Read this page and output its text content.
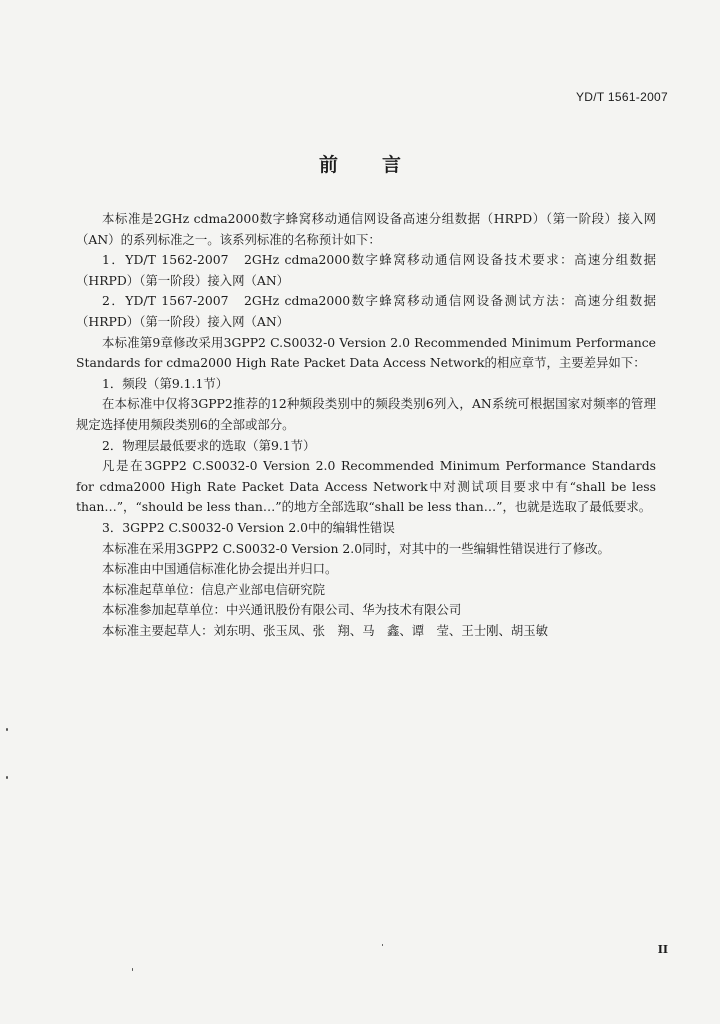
YD/T 1561-2007
前言

本标准是2GHz cdma2000数字蜂窝移动通信网设备高速分组数据（HRPD）（第一阶段）接入网（AN）的系列标准之一。该系列标准的名称预计如下：

1．YD/T 1562-2007　2GHz cdma2000数字蜂窝移动通信网设备技术要求：高速分组数据（HRPD）（第一阶段）接入网（AN）

2．YD/T 1567-2007　2GHz cdma2000数字蜂窝移动通信网设备测试方法：高速分组数据（HRPD）（第一阶段）接入网（AN）

本标准第9章修改采用3GPP2 C.S0032-0 Version 2.0 Recommended Minimum Performance Standards for cdma2000 High Rate Packet Data Access Network的相应章节，主要差异如下：

1．频段（第9.1.1节）

在本标准中仅将3GPP2推荐的12种频段类别中的频段类别6列入，AN系统可根据国家对频率的管理规定选择使用频段类别6的全部或部分。

2．物理层最低要求的选取（第9.1节）

凡是在3GPP2 C.S0032-0 Version 2.0 Recommended Minimum Performance Standards for cdma2000 High Rate Packet Data Access Network中对测试项目要求中有“shall be less than…”，“should be less than…”的地方全部选取“shall be less than…”，也就是选取了最低要求。

3．3GPP2 C.S0032-0 Version 2.0中的编辑性错误

本标准在采用3GPP2 C.S0032-0 Version 2.0同时，对其中的一些编辑性错误进行了修改。

本标准由中国通信标准化协会提出并归口。

本标准起草单位：信息产业部电信研究院

本标准参加起草单位：中兴通讯股份有限公司、华为技术有限公司

本标准主要起草人：刘东明、张玉凤、张　翔、马　鑫、谭　莹、王士刚、胡玉敏

II
